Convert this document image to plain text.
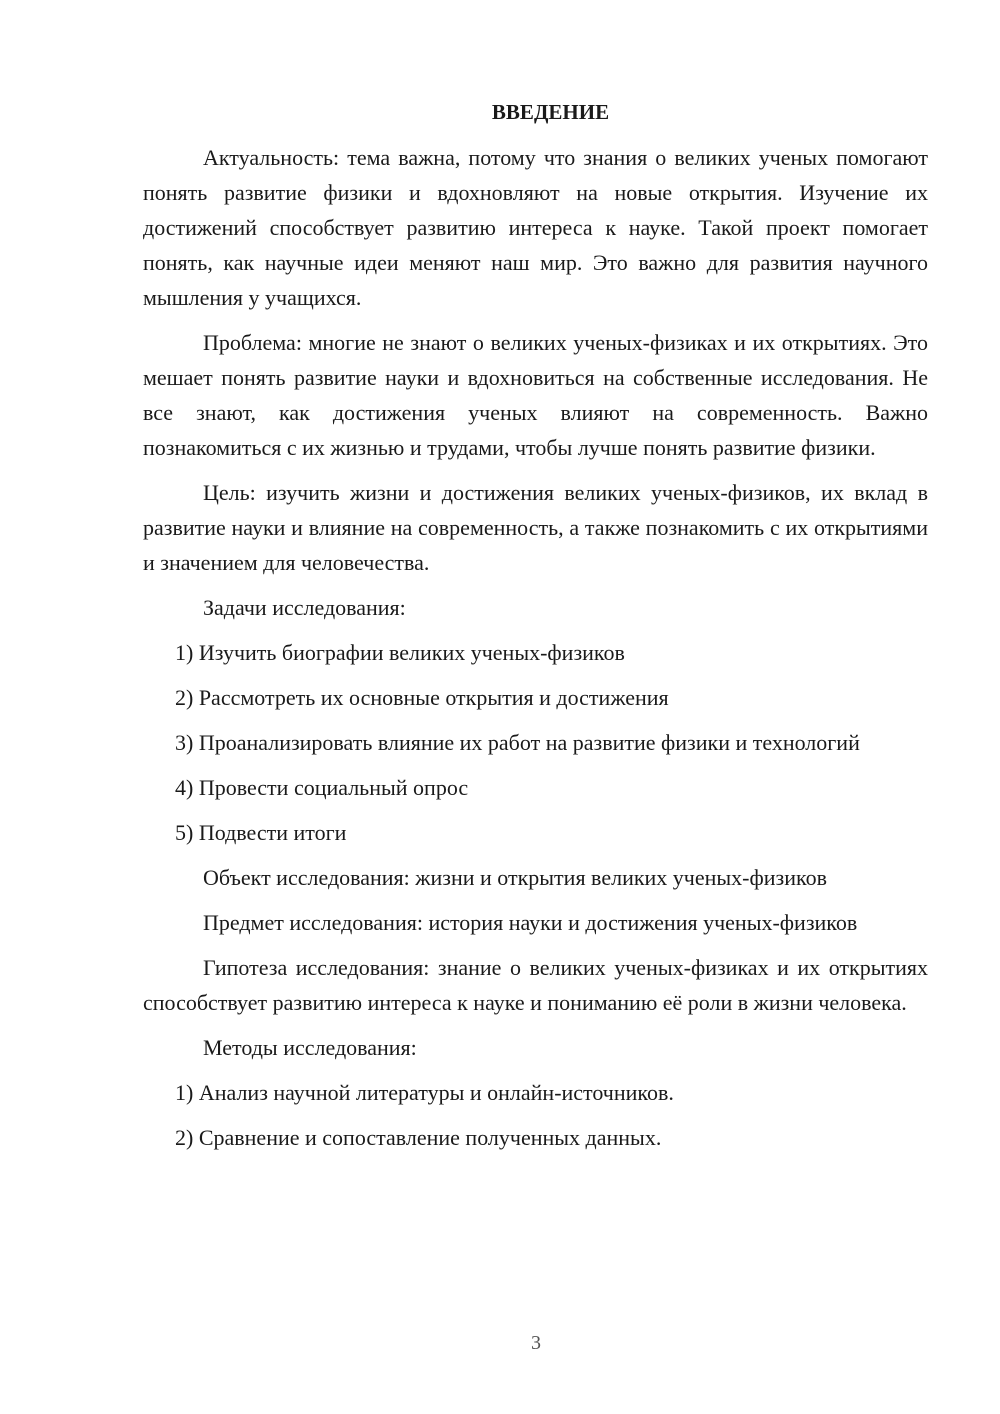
ВВЕДЕНИЕ

Актуальность: тема важна, потому что знания о великих ученых помогают понять развитие физики и вдохновляют на новые открытия. Изучение их достижений способствует развитию интереса к науке. Такой проект помогает понять, как научные идеи меняют наш мир. Это важно для развития научного мышления у учащихся.

Проблема: многие не знают о великих ученых-физиках и их открытиях. Это мешает понять развитие науки и вдохновиться на собственные исследования. Не все знают, как достижения ученых влияют на современность. Важно познакомиться с их жизнью и трудами, чтобы лучше понять развитие физики.

Цель: изучить жизни и достижения великих ученых-физиков, их вклад в развитие науки и влияние на современность, а также познакомить с их открытиями и значением для человечества.

Задачи исследования:

1) Изучить биографии великих ученых-физиков

2) Рассмотреть их основные открытия и достижения

3) Проанализировать влияние их работ на развитие физики и технологий

4) Провести социальный опрос

5) Подвести итоги

Объект исследования: жизни и открытия великих ученых-физиков

Предмет исследования: история науки и достижения ученых-физиков

Гипотеза исследования: знание о великих ученых-физиках и их открытиях способствует развитию интереса к науке и пониманию её роли в жизни человека.

Методы исследования:

1) Анализ научной литературы и онлайн-источников.

2) Сравнение и сопоставление полученных данных.

3
